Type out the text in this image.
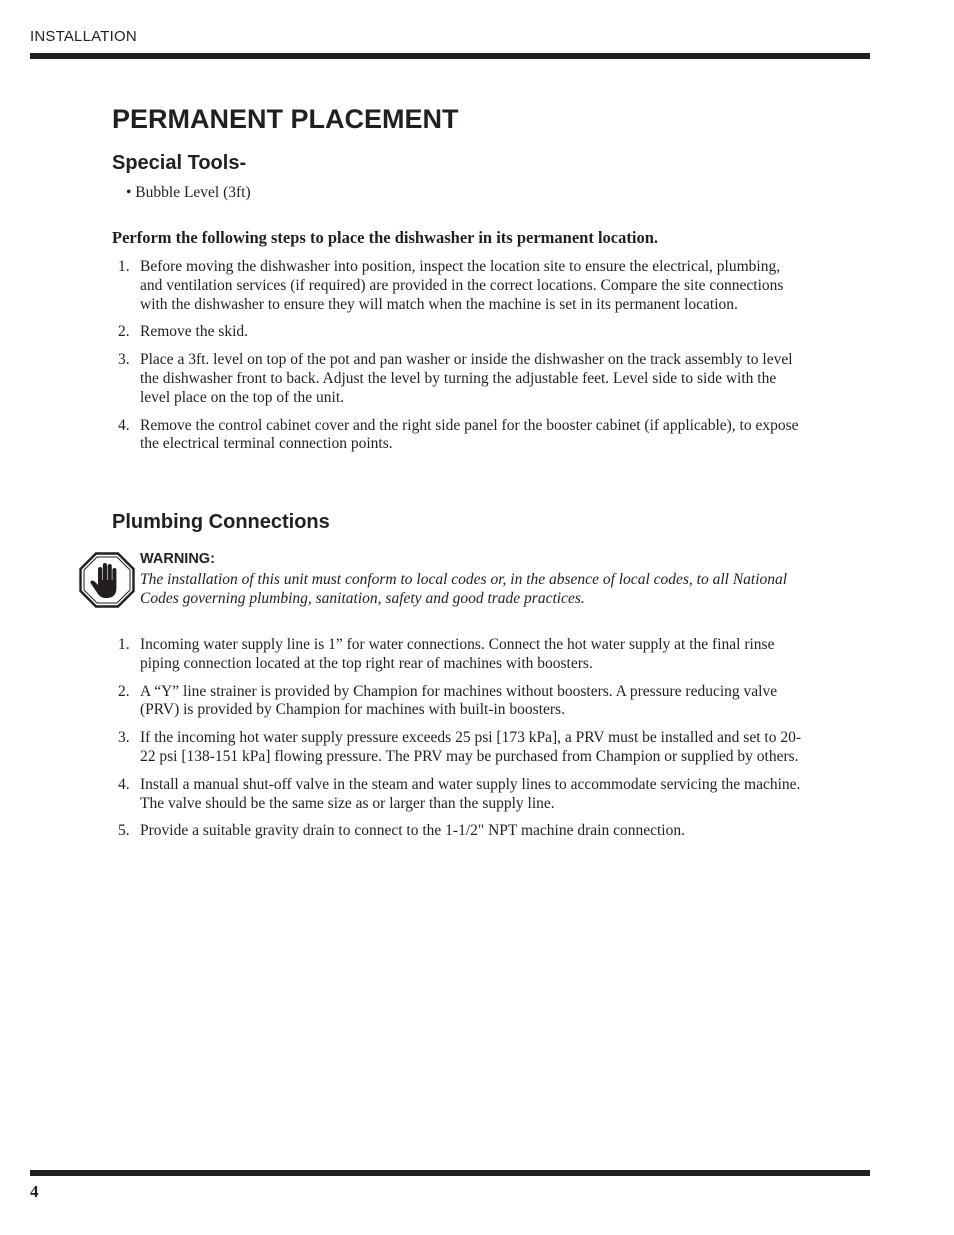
INSTALLATION
PERMANENT PLACEMENT
Special Tools-
• Bubble Level (3ft)

Perform the following steps to place the dishwasher in its permanent location.

1. Before moving the dishwasher into position, inspect the location site to ensure the electrical, plumbing, and ventilation services (if required) are provided in the correct locations. Compare the site connections with the dishwasher to ensure they will match when the machine is set in its permanent location.
2. Remove the skid.
3. Place a 3ft. level on top of the pot and pan washer or inside the dishwasher on the track assembly to level the dishwasher front to back. Adjust the level by turning the adjustable feet. Level side to side with the level place on the top of the unit.
4. Remove the control cabinet cover and the right side panel for the booster cabinet (if applicable), to expose the electrical terminal connection points.
Plumbing Connections
WARNING:
The installation of this unit must conform to local codes or, in the absence of local codes, to all National Codes governing plumbing, sanitation, safety and good trade practices.
1. Incoming water supply line is 1” for water connections. Connect the hot water supply at the final rinse piping connection located at the top right rear of machines with boosters.
2. A “Y” line strainer is provided by Champion for machines without boosters. A pressure reducing valve (PRV) is provided by Champion for machines with built-in boosters.
3. If the incoming hot water supply pressure exceeds 25 psi [173 kPa], a PRV must be installed and set to 20-22 psi [138-151 kPa] flowing pressure. The PRV may be purchased from Champion or supplied by others.
4. Install a manual shut-off valve in the steam and water supply lines to accommodate servicing the machine. The valve should be the same size as or larger than the supply line.
5. Provide a suitable gravity drain to connect to the 1-1/2" NPT machine drain connection.
4
